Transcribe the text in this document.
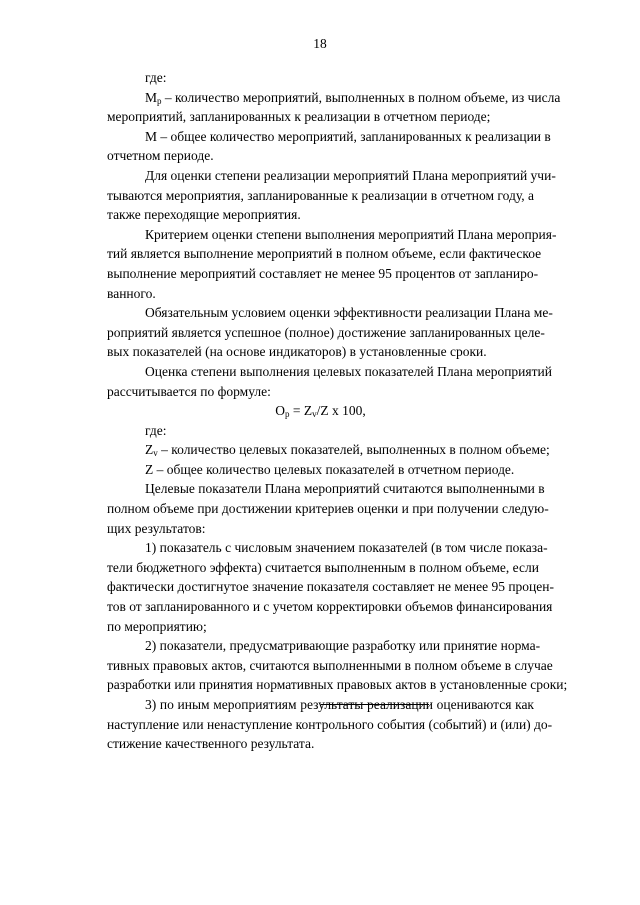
18
где:
$M_р$ – количество мероприятий, выполненных в полном объеме, из числа
мероприятий, запланированных к реализации в отчетном периоде;
M – общее количество мероприятий, запланированных к реализации в
отчетном периоде.
Для оценки степени реализации мероприятий Плана мероприятий учи-
тываются мероприятия, запланированные к реализации в отчетном году, а
также переходящие мероприятия.
Критерием оценки степени выполнения мероприятий Плана мероприя-
тий является выполнение мероприятий в полном объеме, если фактическое
выполнение мероприятий составляет не менее 95 процентов от запланиро-
ванного.
Обязательным условием оценки эффективности реализации Плана ме-
роприятий является успешное (полное) достижение запланированных целе-
вых показателей (на основе индикаторов) в установленные сроки.
Оценка степени выполнения целевых показателей Плана мероприятий
рассчитывается по формуле:
$O_р = Z_v/Z$ х 100,
где:
$Z_v$ – количество целевых показателей, выполненных в полном объеме;
Z – общее количество целевых показателей в отчетном периоде.
Целевые показатели Плана мероприятий считаются выполненными в
полном объеме при достижении критериев оценки и при получении следую-
щих результатов:
1) показатель с числовым значением показателей (в том числе показа-
тели бюджетного эффекта) считается выполненным в полном объеме, если
фактически достигнутое значение показателя составляет не менее 95 процен-
тов от запланированного и с учетом корректировки объемов финансирования
по мероприятию;
2) показатели, предусматривающие разработку или принятие норма-
тивных правовых актов, считаются выполненными в полном объеме в случае
разработки или принятия нормативных правовых актов в установленные сроки;
3) по иным мероприятиям результаты реализации оцениваются как
наступление или ненаступление контрольного события (событий) и (или) до-
стижение качественного результата.
